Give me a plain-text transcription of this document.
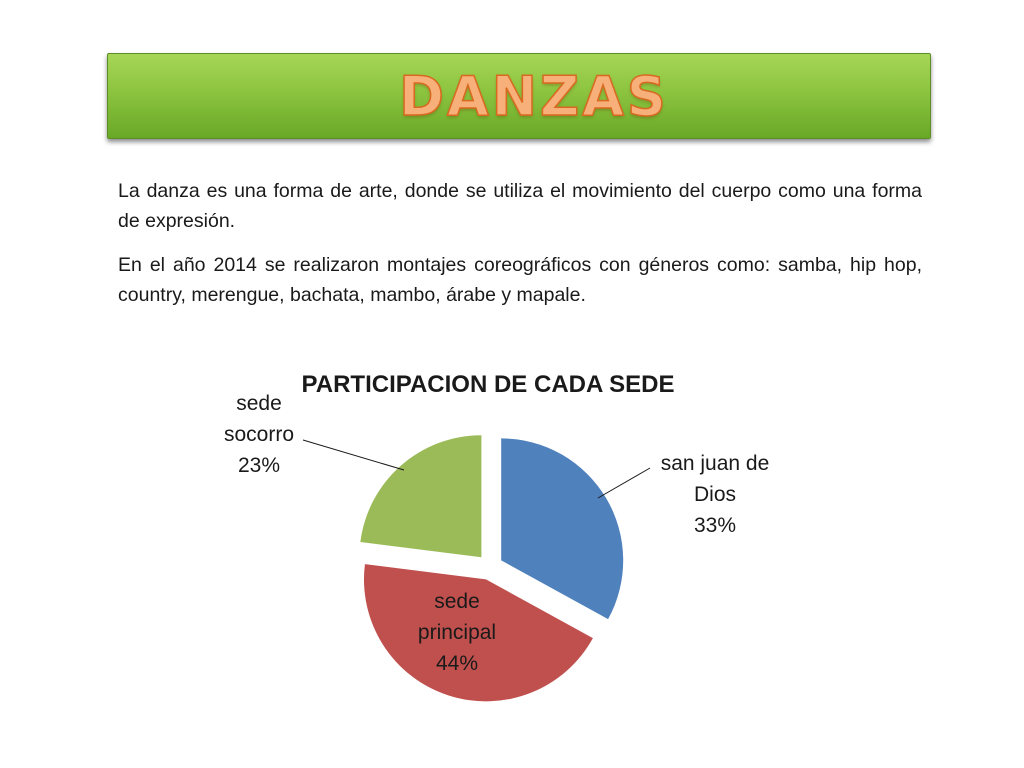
DANZAS

La danza es una forma de arte, donde se utiliza el movimiento del cuerpo como una forma de expresión.

En el año 2014 se realizaron montajes coreográficos con géneros como: samba, hip hop, country, merengue, bachata, mambo, árabe y mapale.

PARTICIPACION DE CADA SEDE
san juan de Dios 33%
sede principal 44%
sede socorro 23%
